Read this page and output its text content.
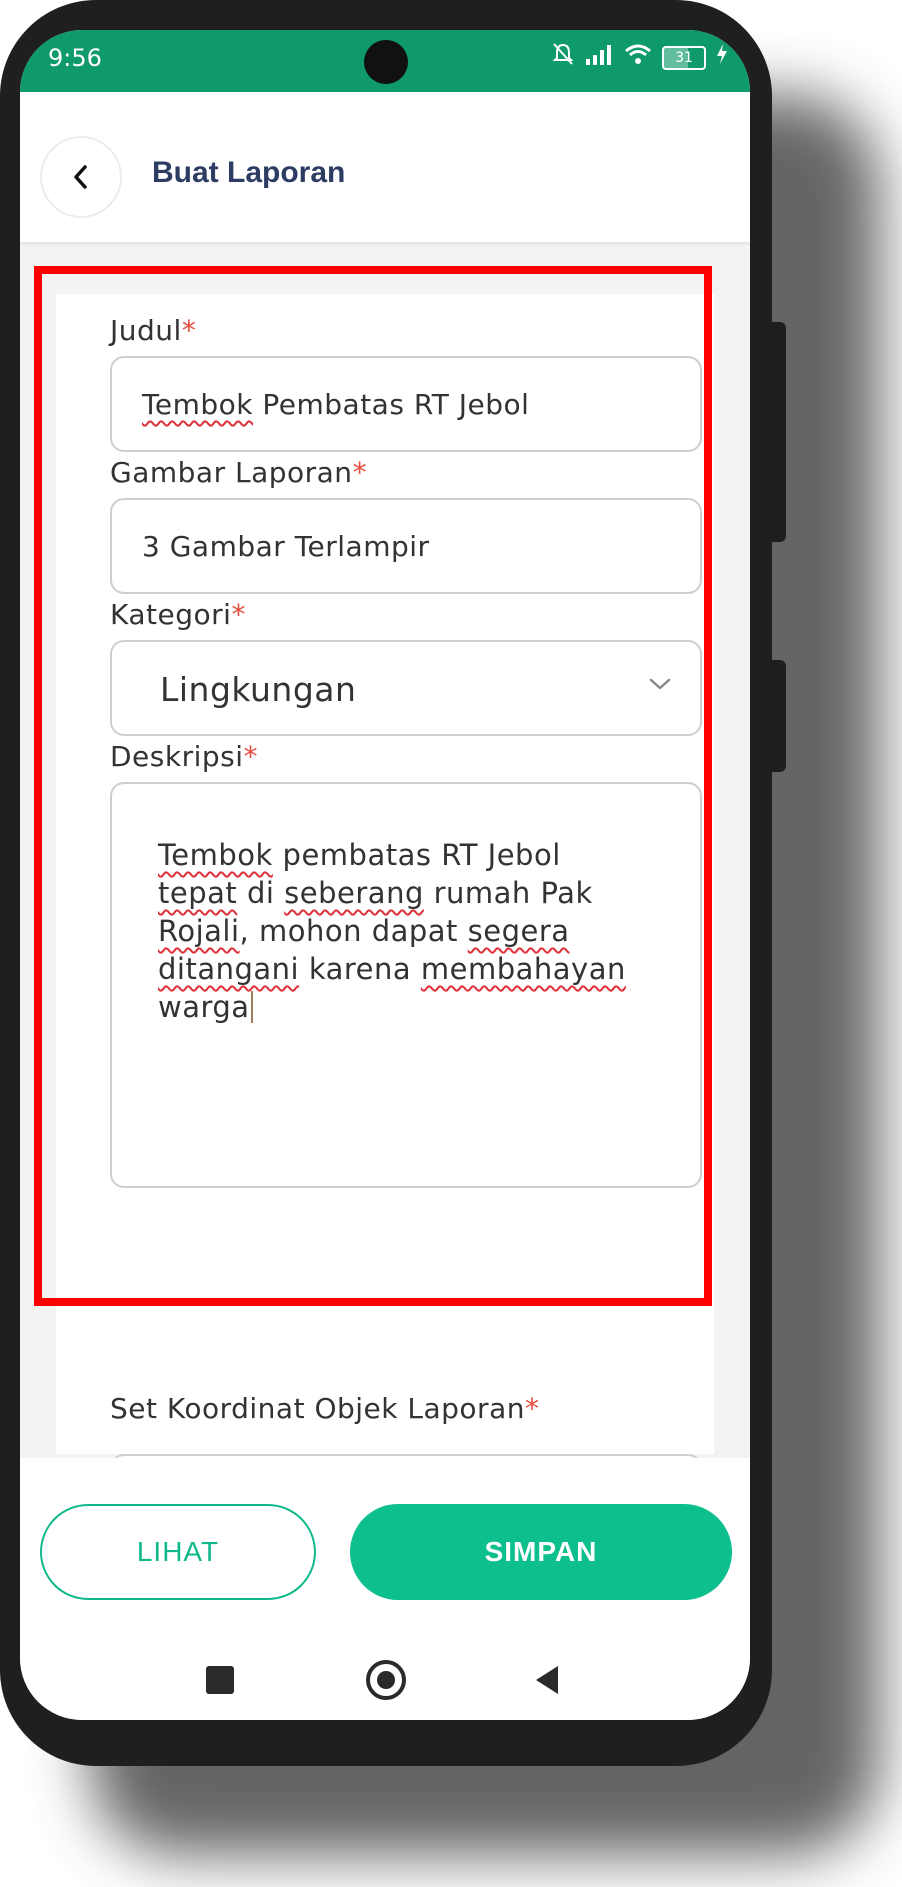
9:56	31
Buat Laporan
Judul*
Tembok Pembatas RT Jebol
Gambar Laporan*
3 Gambar Terlampir
Kategori*
Lingkungan
Deskripsi*
Tembok pembatas RT Jebol
tepat di seberang rumah Pak
Rojali, mohon dapat segera
ditangani karena membahayan
warga
Set Koordinat Objek Laporan*
LIHAT	SIMPAN
